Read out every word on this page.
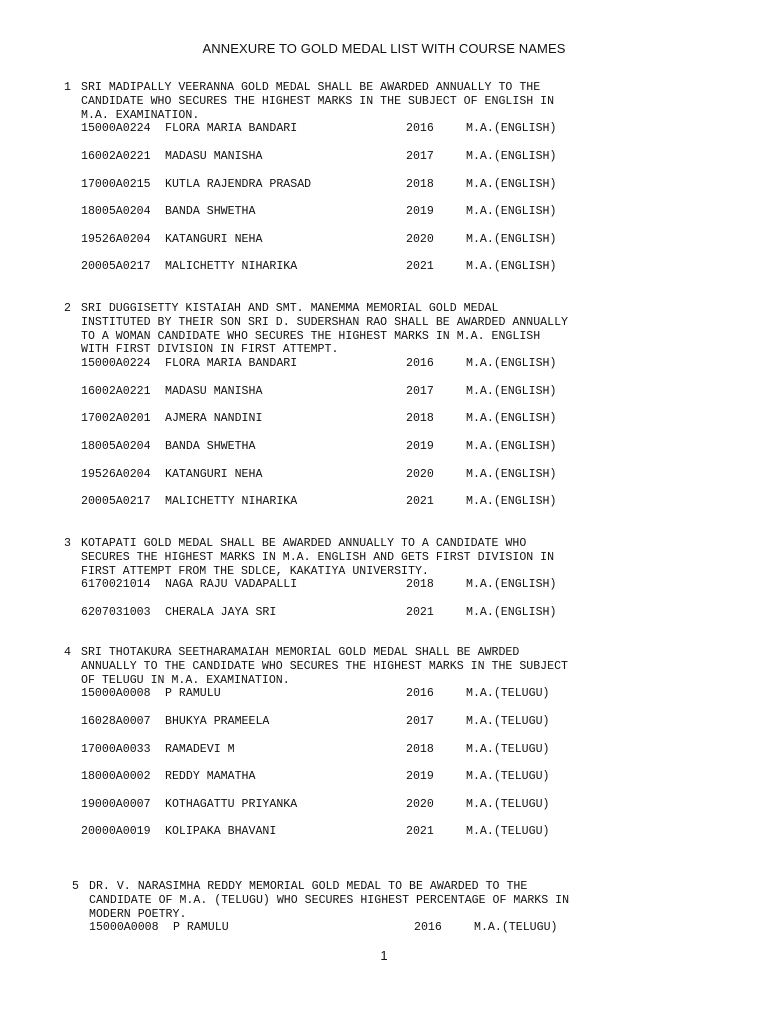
ANNEXURE TO GOLD MEDAL LIST WITH COURSE NAMES
1 SRI MADIPALLY VEERANNA GOLD MEDAL SHALL BE AWARDED ANNUALLY TO THE
CANDIDATE WHO SECURES THE HIGHEST MARKS IN THE SUBJECT OF ENGLISH IN
M.A. EXAMINATION.
15000A0224 FLORA MARIA BANDARI	2016	M.A.(ENGLISH)
16002A0221 MADASU MANISHA	2017	M.A.(ENGLISH)
17000A0215 KUTLA RAJENDRA PRASAD	2018	M.A.(ENGLISH)
18005A0204 BANDA SHWETHA	2019	M.A.(ENGLISH)
19526A0204 KATANGURI NEHA	2020	M.A.(ENGLISH)
20005A0217 MALICHETTY NIHARIKA	2021	M.A.(ENGLISH)
2 SRI DUGGISETTY KISTAIAH AND SMT. MANEMMA MEMORIAL GOLD MEDAL
INSTITUTED BY THEIR SON SRI D. SUDERSHAN RAO SHALL BE AWARDED ANNUALLY
TO A WOMAN CANDIDATE WHO SECURES THE HIGHEST MARKS IN M.A. ENGLISH
WITH FIRST DIVISION IN FIRST ATTEMPT.
15000A0224 FLORA MARIA BANDARI	2016	M.A.(ENGLISH)
16002A0221 MADASU MANISHA	2017	M.A.(ENGLISH)
17002A0201 AJMERA NANDINI	2018	M.A.(ENGLISH)
18005A0204 BANDA SHWETHA	2019	M.A.(ENGLISH)
19526A0204 KATANGURI NEHA	2020	M.A.(ENGLISH)
20005A0217 MALICHETTY NIHARIKA	2021	M.A.(ENGLISH)
3 KOTAPATI GOLD MEDAL SHALL BE AWARDED ANNUALLY TO A CANDIDATE WHO
SECURES THE HIGHEST MARKS IN M.A. ENGLISH AND GETS FIRST DIVISION IN
FIRST ATTEMPT FROM THE SDLCE, KAKATIYA UNIVERSITY.
6170021014 NAGA RAJU VADAPALLI	2018	M.A.(ENGLISH)
6207031003 CHERALA JAYA SRI	2021	M.A.(ENGLISH)
4 SRI THOTAKURA SEETHARAMAIAH MEMORIAL GOLD MEDAL SHALL BE AWRDED
ANNUALLY TO THE CANDIDATE WHO SECURES THE HIGHEST MARKS IN THE SUBJECT
OF TELUGU IN M.A. EXAMINATION.
15000A0008 P RAMULU	2016	M.A.(TELUGU)
16028A0007 BHUKYA PRAMEELA	2017	M.A.(TELUGU)
17000A0033 RAMADEVI M	2018	M.A.(TELUGU)
18000A0002 REDDY MAMATHA	2019	M.A.(TELUGU)
19000A0007 KOTHAGATTU PRIYANKA	2020	M.A.(TELUGU)
20000A0019 KOLIPAKA BHAVANI	2021	M.A.(TELUGU)
5 DR. V. NARASIMHA REDDY MEMORIAL GOLD MEDAL TO BE AWARDED TO THE
CANDIDATE OF M.A. (TELUGU) WHO SECURES HIGHEST PERCENTAGE OF MARKS IN
MODERN POETRY.
15000A0008 P RAMULU	2016	M.A.(TELUGU)
1
